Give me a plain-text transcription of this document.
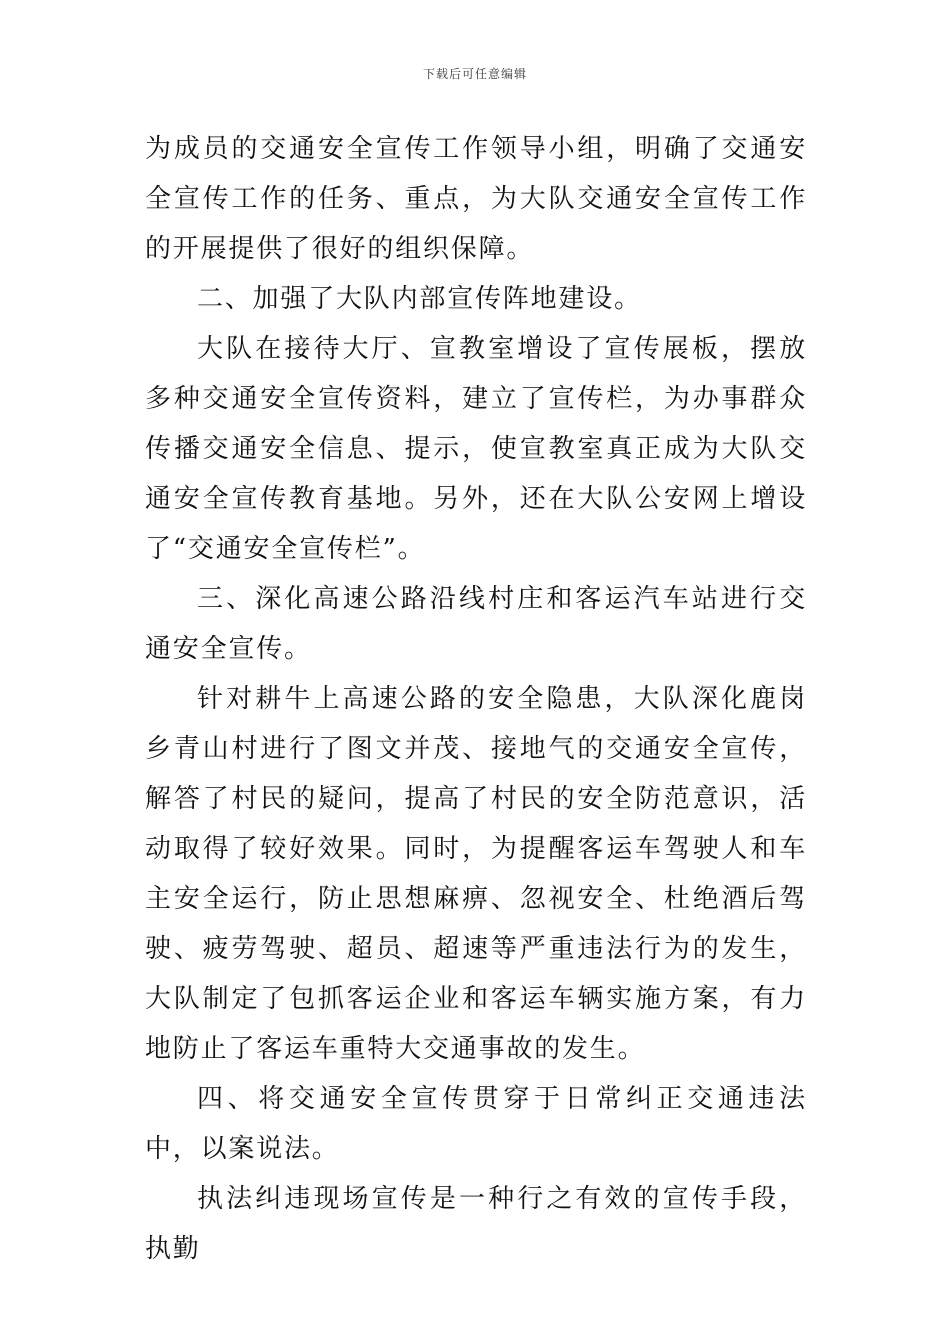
下载后可任意编辑

为成员的交通安全宣传工作领导小组，明确了交通安全宣传工作的任务、重点，为大队交通安全宣传工作的开展提供了很好的组织保障。

二、加强了大队内部宣传阵地建设。

大队在接待大厅、宣教室增设了宣传展板，摆放多种交通安全宣传资料，建立了宣传栏，为办事群众传播交通安全信息、提示，使宣教室真正成为大队交通安全宣传教育基地。另外，还在大队公安网上增设了“交通安全宣传栏”。

三、深化高速公路沿线村庄和客运汽车站进行交通安全宣传。

针对耕牛上高速公路的安全隐患，大队深化鹿岗乡青山村进行了图文并茂、接地气的交通安全宣传，解答了村民的疑问，提高了村民的安全防范意识，活动取得了较好效果。同时，为提醒客运车驾驶人和车主安全运行，防止思想麻痹、忽视安全、杜绝酒后驾驶、疲劳驾驶、超员、超速等严重违法行为的发生，大队制定了包抓客运企业和客运车辆实施方案，有力地防止了客运车重特大交通事故的发生。

四、将交通安全宣传贯穿于日常纠正交通违法中，以案说法。

执法纠违现场宣传是一种行之有效的宣传手段，执勤
